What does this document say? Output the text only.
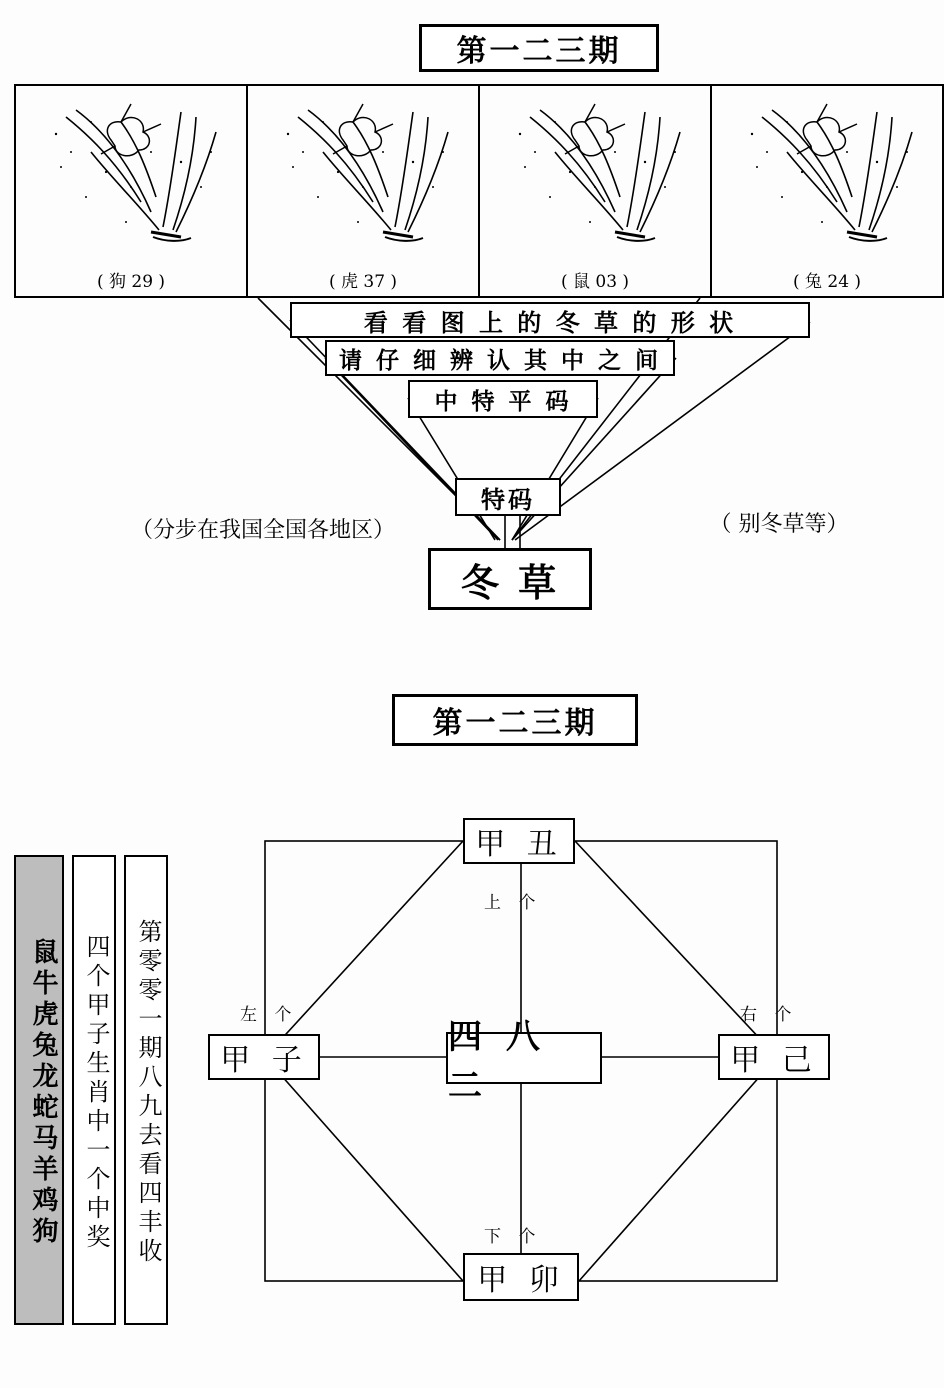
第一二三期
( 狗 29 )	( 虎 37 )	( 鼠 03 )	( 兔 24 )
看 看 图 上 的 冬 草 的 形 状
请 仔 细 辨 认 其 中 之 间
中 特 平 码
特码
冬 草
（分步在我国全国各地区）	（ 别冬草等）
第一二三期
鼠牛虎兔龙蛇马羊鸡狗	四个甲子生肖中一个中奖	第零零一期八九去看四丰收
甲 丑
甲 子	甲 己
甲 卯
四 八 二
上 个
下 个
左 个	右 个
